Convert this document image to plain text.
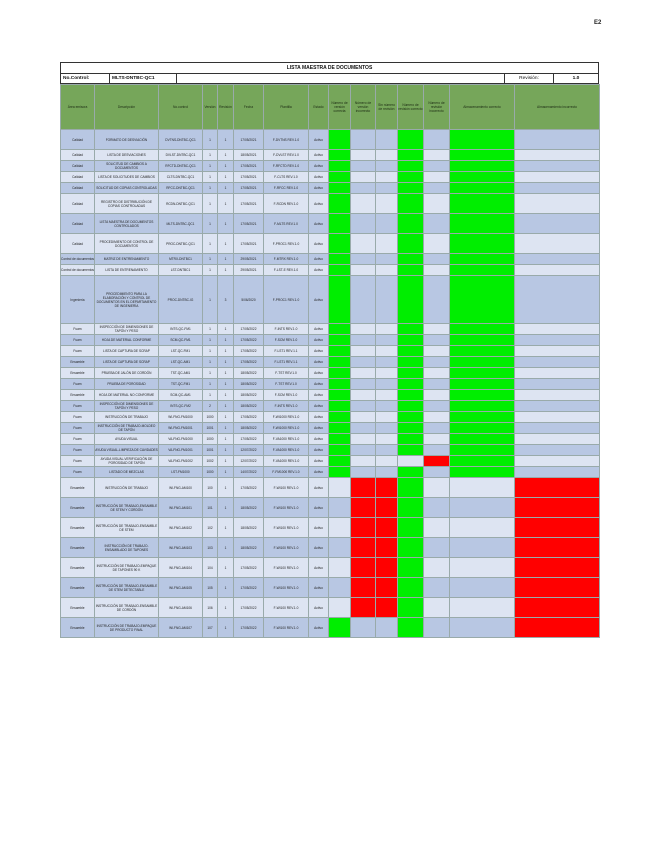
E2
LISTA MAESTRA DE DOCUMENTOS
No.Control:	MLTS-DNTBC-QC1	Revisión:	1.0
Área emisora	Descripción	No.control	Versión	Revisión	Fecha	Plantilla	Estado	Número de versión correcta	Número de versión incorrecto	Sin número de revisión	Número de revisión correcto	Número de revisión incorrecto	Almacenamiento correcto	Almacenamiento incorrecto
Calidad	FORMATO DE DESVIACIÓN	DVTNS-DNTBC-QC1	1	1	17/05/2021	F-DVTNS REV.1.0	Activo							
Calidad	LISTA DE DESVIACIONES	DVLST-DNTBC-QC1	1	1	18/05/2021	F-DVLST REV.1.0	Activo							
Calidad	SOLICITUD DE CAMBIOS A DOCUMENTOS	RFCTD-DNTBC-QC1	1	1	17/05/2021	F-RFCTD REV.1.0	Activo							
Calidad	LISTA DE SOLICITUDES DE CAMBIOS	CLTS-DNTBC-QC1	1	1	17/05/2021	F-CLTS REV.1.0	Activo							
Calidad	SOLICITUD DE COPIAS CONTROLADAS	RFCC-DNTBC-QC1	1	1	17/05/2021	F-RFCC REV.1.0	Activo							
Calidad	REGISTRO DE DISTRIBUCIÓN DE COPIAS CONTROLADAS	RCDN-DNTBC-QC1	1	1	17/05/2021	F-RCDN REV.1.0	Activo							
Calidad	LISTA MAESTRA DE DOCUMENTOS CONTROLADOS	MLTS-DNTBC-QC1	1	1	17/05/2021	F-MLTS REV.1.0	Activo							
Calidad	PROCEDIMIENTO DE CONTROL DE DOCUMENTOS	PROC-DNTBC-QC1	1	1	17/05/2021	F-PROC1 REV.1.0	Activo							
Control de documentos	MATRIZ DE ENTRENAMIENTO	MTRX-DNTBC1	1	1	29/05/2021	F-MTRX REV.1.0	Activo							
Control de documentos	LISTA DE ENTRENAMIENTO	LST-DNTBC1	1	1	29/05/2021	F-LST-E REV.1.0	Activo							
Ingeniería	PROCEDIMIENTO PARA LA ELABORACIÓN Y CONTROL DE DOCUMENTOS EN EL DEPARTAMENTO DE INGENIERÍA	PROC-DNTBC-IG	1	3	5/06/2020	F-PROC1 REV.1.0	Activo							
Fuam	INSPECCIÓN DE DIMENSIONES DE TAPÓN Y PESO	INTS-QC-FM1	1	1	17/05/2022	F-INTS REV.1.0	Activo							
Fuam	HOJA DE MATERIAL CONFORME	SCM-QC-FM1	1	1	17/05/2022	F-SCM REV.1.0	Activo							
Fuam	LISTA DE CAPTURA DE SCRAP	LST-QC-FM1	1	1	17/05/2022	F-LST1 REV.1.1	Activo							
Ensamble	LISTA DE CAPTURA DE SCRAP	LST-QC-AM1	1	1	17/05/2022	F-LST1 REV.1.1	Activo							
Ensamble	PRUEBA DE JALÓN DE CORDÓN	TST-QC-AM1	1	1	18/05/2022	F-TST REV.1.0	Activo							
Fuam	PRUEBA DE POROSIDAD	TST-QC-FM1	1	1	18/05/2022	F-TST REV.1.0	Activo							
Ensamble	HOJA DE MATERIAL NO CONFORME	SCM-QC-AM1	1	1	18/05/2022	F-SCM REV.1.0	Activo							
Fuam	INSPECCIÓN DE DIMENSIONES DE TAPÓN Y PESO	INTS-QC-FM2	2	1	18/05/2022	F-INTS REV.1.0	Activo							
Fuam	INSTRUCCIÓN DE TRABAJO	WI-FNG-FM1000	1000	1	17/05/2022	F-WI1000 REV.1.0	Activo							
Fuam	INSTRUCCIÓN DE TRABAJO-MOLDEO DE TAPÓN	WI-FNG-FM1001	1001	1	18/05/2022	F-WI1000 REV.1.0	Activo							
Fuam	AYUDA VISUAL	VA-FNG-FM1000	1000	1	17/05/2022	F-VA1000 REV.1.0	Activo							
Fuam	AYUDA VISUAL-LIMPIEZA DE CAVIDADES	VA-FNG-FM1001	1001	1	12/07/2022	F-VA1000 REV.1.0	Activo							
Fuam	AYUDA VISUAL-VERIFICACIÓN DE POROSIDAD DE TAPÓN	VA-FNG-FM1002	1002	1	12/07/2022	F-VA1000 REV.1.0	Activo							
Fuam	LISTADO DE MEZCLAS	LST-FM1000	1000	1	14/07/2022	F-FM1000 REV.1.0	Activo							
Ensamble	INSTRUCCIÓN DE TRABAJO	WI-FNG-AM100	100	1	17/05/2022	F-WI100 REV.1.0	Activo							
Ensamble	INSTRUCCIÓN DE TRABAJO-ENSAMBLE DE STEM Y CORDÓN	WI-FNG-AM101	101	1	18/05/2022	F-WI100 REV.1.0	Activo							
Ensamble	INSTRUCCIÓN DE TRABAJO-ENSAMBLE DE STEM	WI-FNG-AM102	102	1	18/05/2022	F-WI100 REV.1.0	Activo							
Ensamble	INSTRUCCIÓN DE TRABAJO-ENSAMBLADO DE TAPONES	WI-FNG-AM103	103	1	18/05/2022	F-WI100 REV.1.0	Activo							
Ensamble	INSTRUCCIÓN DE TRABAJO-EMPAQUE DE TAPONES 90 K	WI-FNG-AM104	104	1	17/05/2022	F-WI100 REV.1.0	Activo							
Ensamble	INSTRUCCIÓN DE TRABAJO-ENSAMBLE DE STEM DETECTABLE	WI-FNG-AM105	105	1	17/05/2022	F-WI100 REV.1.0	Activo							
Ensamble	INSTRUCCIÓN DE TRABAJO-ENSAMBLE DE CORDÓN	WI-FNG-AM106	106	1	17/05/2022	F-WI100 REV.1.0	Activo							
Ensamble	INSTRUCCIÓN DE TRABAJO-EMPAQUE DE PRODUCTO FINAL	WI-FNG-AM107	107	1	17/05/2022	F-WI100 REV.1.0	Activo							
